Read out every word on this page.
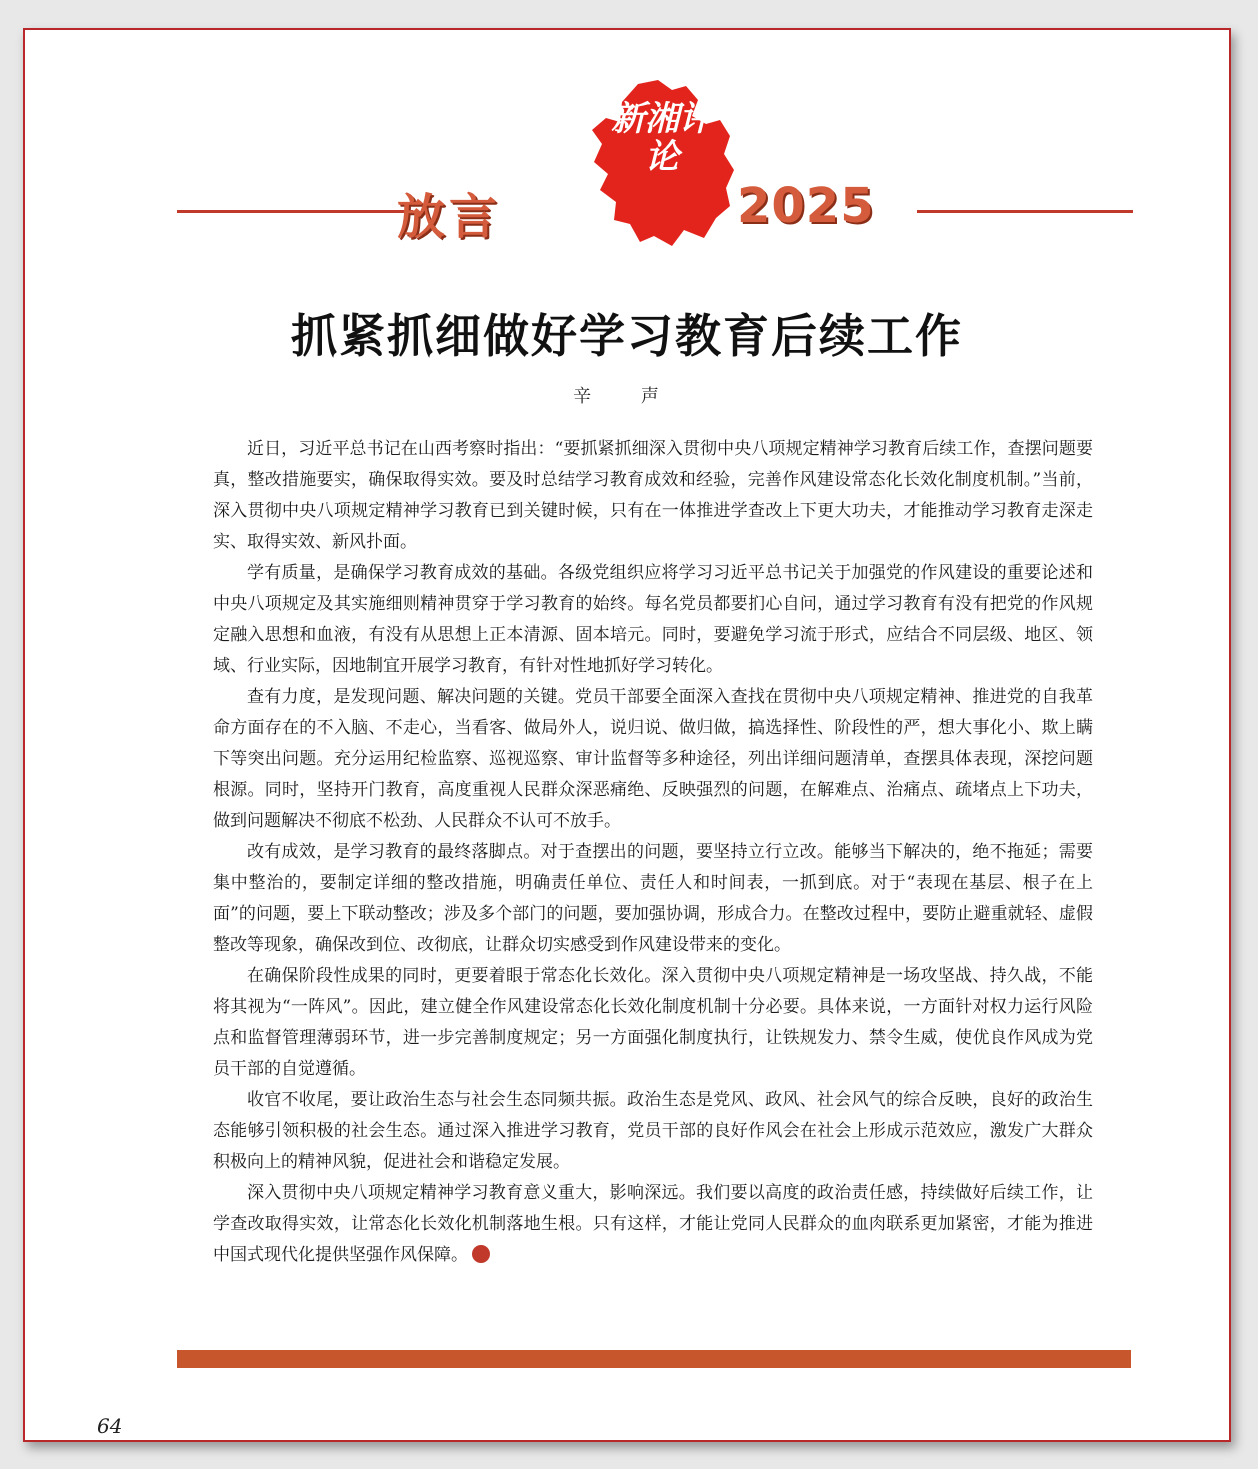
放言
新湘评论
2025
抓紧抓细做好学习教育后续工作
辛 声

近日，习近平总书记在山西考察时指出：“要抓紧抓细深入贯彻中央八项规定精神学习教育后续工作，查摆问题要真，整改措施要实，确保取得实效。要及时总结学习教育成效和经验，完善作风建设常态化长效化制度机制。”当前，深入贯彻中央八项规定精神学习教育已到关键时候，只有在一体推进学查改上下更大功夫，才能推动学习教育走深走实、取得实效、新风扑面。

学有质量，是确保学习教育成效的基础。各级党组织应将学习习近平总书记关于加强党的作风建设的重要论述和中央八项规定及其实施细则精神贯穿于学习教育的始终。每名党员都要扪心自问，通过学习教育有没有把党的作风规定融入思想和血液，有没有从思想上正本清源、固本培元。同时，要避免学习流于形式，应结合不同层级、地区、领域、行业实际，因地制宜开展学习教育，有针对性地抓好学习转化。

查有力度，是发现问题、解决问题的关键。党员干部要全面深入查找在贯彻中央八项规定精神、推进党的自我革命方面存在的不入脑、不走心，当看客、做局外人，说归说、做归做，搞选择性、阶段性的严，想大事化小、欺上瞒下等突出问题。充分运用纪检监察、巡视巡察、审计监督等多种途径，列出详细问题清单，查摆具体表现，深挖问题根源。同时，坚持开门教育，高度重视人民群众深恶痛绝、反映强烈的问题，在解难点、治痛点、疏堵点上下功夫，做到问题解决不彻底不松劲、人民群众不认可不放手。

改有成效，是学习教育的最终落脚点。对于查摆出的问题，要坚持立行立改。能够当下解决的，绝不拖延；需要集中整治的，要制定详细的整改措施，明确责任单位、责任人和时间表，一抓到底。对于“表现在基层、根子在上面”的问题，要上下联动整改；涉及多个部门的问题，要加强协调，形成合力。在整改过程中，要防止避重就轻、虚假整改等现象，确保改到位、改彻底，让群众切实感受到作风建设带来的变化。

在确保阶段性成果的同时，更要着眼于常态化长效化。深入贯彻中央八项规定精神是一场攻坚战、持久战，不能将其视为“一阵风”。因此，建立健全作风建设常态化长效化制度机制十分必要。具体来说，一方面针对权力运行风险点和监督管理薄弱环节，进一步完善制度规定；另一方面强化制度执行，让铁规发力、禁令生威，使优良作风成为党员干部的自觉遵循。

收官不收尾，要让政治生态与社会生态同频共振。政治生态是党风、政风、社会风气的综合反映，良好的政治生态能够引领积极的社会生态。通过深入推进学习教育，党员干部的良好作风会在社会上形成示范效应，激发广大群众积极向上的精神风貌，促进社会和谐稳定发展。

深入贯彻中央八项规定精神学习教育意义重大，影响深远。我们要以高度的政治责任感，持续做好后续工作，让学查改取得实效，让常态化长效化机制落地生根。只有这样，才能让党同人民群众的血肉联系更加紧密，才能为推进中国式现代化提供坚强作风保障。

64
